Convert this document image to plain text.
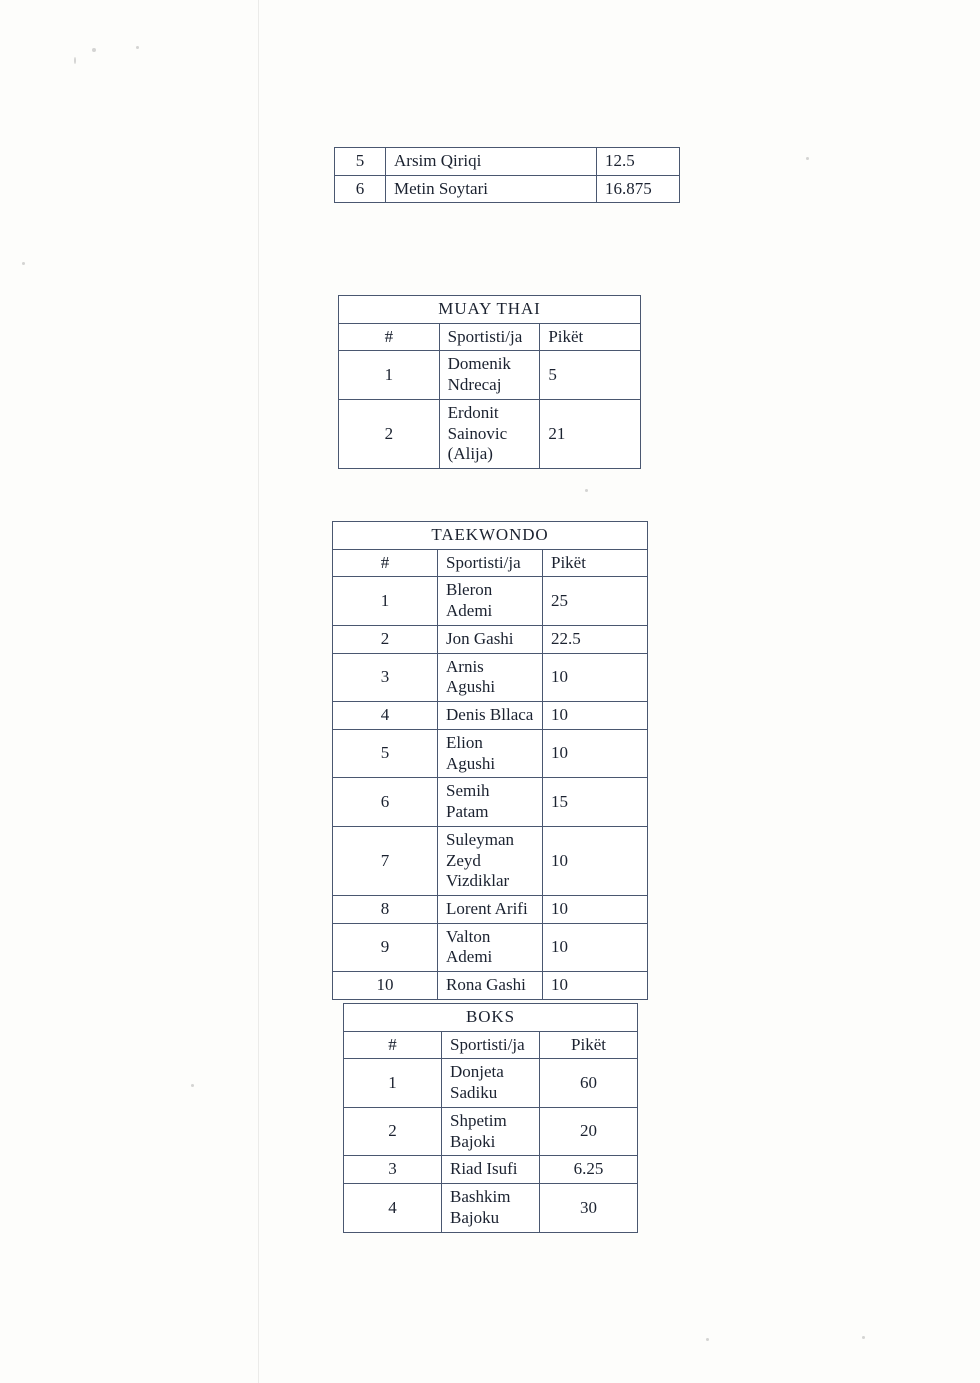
5	Arsim Qiriqi	12.5
6	Metin Soytari	16.875
MUAY THAI		
#	Sportisti/ja	Pikët
1	Domenik Ndrecaj	5
2	Erdonit Sainovic (Alija)	21
TAEKWONDO		
#	Sportisti/ja	Pikët
1	Bleron Ademi	25
2	Jon Gashi	22.5
3	Arnis Agushi	10
4	Denis Bllaca	10
5	Elion Agushi	10
6	Semih Patam	15
7	Suleyman Zeyd Vizdiklar	10
8	Lorent Arifi	10
9	Valton Ademi	10
10	Rona Gashi	10
BOKS		
#	Sportisti/ja	Pikët
1	Donjeta Sadiku	60
2	Shpetim Bajoki	20
3	Riad Isufi	6.25
4	Bashkim Bajoku	30
